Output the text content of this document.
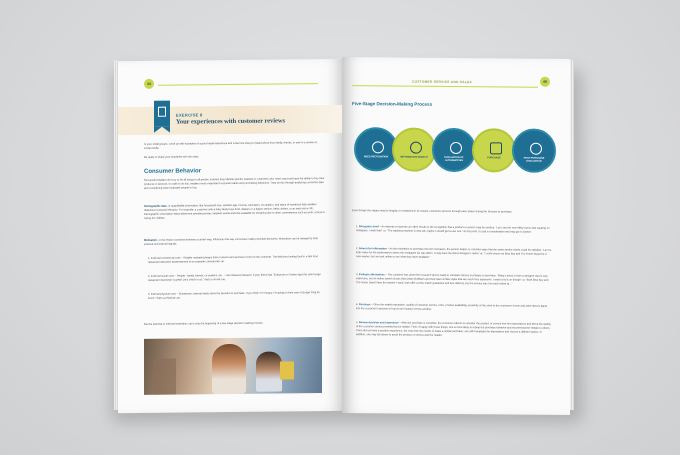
44
EXERCISE 8
Your experiences with customer reviews
In your small groups, come up with examples of a good retail experience and a bad one that you heard about from family, friends, or saw in a review on social media.
Be ready to share your examples with the class.
Consumer Behavior
Successful retailers don't try to be all things to all people. Instead, they identify specific markets or customers who need, want and have the ability to buy their products or services. In order to do this, retailers must understand customer habits and purchasing behaviors. They do this through analyzing consumer data and considering what motivates people to buy.
Demographic data, or quantifiable information, like household size, resident age, income, education, occupation, and place of residence help retailers determine customer behavior. For example, a customer with a baby likely buys food, diapers or a diaper service, baby clothes, a car seat and a crib. Demographic information helps determine spending power, targeted needs and time available for shopping due to other commitments such as work, school or caring for children.
Motivation, or the reason someone behaves a certain way, influences the way consumers make purchase decisions. Motivation can be swayed by both external and internal signals.
1. External commercial cues – Retailer marketing keeps their products and services in front of the customer. The delicious looking food in a fast food restaurant television advertisement is an example commercial cue.
2. External social cues – People - family, friends, co-workers, etc. – can influence behavior. If your friend has "Everyone on Twitter says the new burger restaurant downtown is great! Let's check it out," that's a social cue.
3. Internal physical cues – Sometimes, internal needs drive the decision to purchase. If you think "I'm hungry. I'm going to drive over to Burger King for lunch," that's a physical cue.
But the external or internal motivation cue is only the beginning of a five-stage decision-making process.
CUSTOMER SERVICE AND SALES	45
Five-Stage Decision-Making Process
NEED RECOGNITION	INFORMATION SEARCH	EVALUATION OF ALTERNATIVES
PURCHASE	POST-PURCHASE EVALUATION
Even though the stages may be lengthy or completed in an instant, customers process through each phase during the decision to purchase.
1. Recognize need – An internal or external cue often results in the recognition that a product or service may be needed. "Let's see the new Miley Cyrus was wearing on Instagram. I want that!" or, "The washing machine is way old, maybe I should get a new one." At this point, it's just a consideration and may go no further.
2. Search for information – As the motivation to purchase the item increases, the person begins to consider ways that the wants and/or needs could be satisfied. "Let me look online for the performance where the Instagram pic was taken. It may have the dress designer's name" or, "I could check out Best Buy and The Home Depot for a new washer, but we look online to see what they have available."
3. Evaluate alternatives – The customer has done their research and is ready to compare options to prepare to purchase. "Miley's dress is from a designer that is very expensive, but an online search shows that Urban Outfitters and Gap have similar styles that are much less expensive. I want to try it on though" or, "Both Best Buy and The Home Depot have the washer I want, both offer a price match guarantee and free delivery, but the service was too much better at..."
4. Purchase – Once the retailer reputation, quality of customer service, price, product availability, proximity of the store to the customer's home and other factors figure into the customer's decision to buy at one location versus another.
5. Review decision and experience – After the purchase is complete, the customer reflects on whether the product or service met her expectations and about the quality of the customer service provided by the retailer. Then, if happy with those things, she is more likely to repeat the purchase behavior and recommend the retailer to others. If she did not have a positive experience, the next time she needs to make a similar purchase, she will reevaluate the alternatives and choose a different option. In addition, she may tell others to avoid the product or service and the retailer.
